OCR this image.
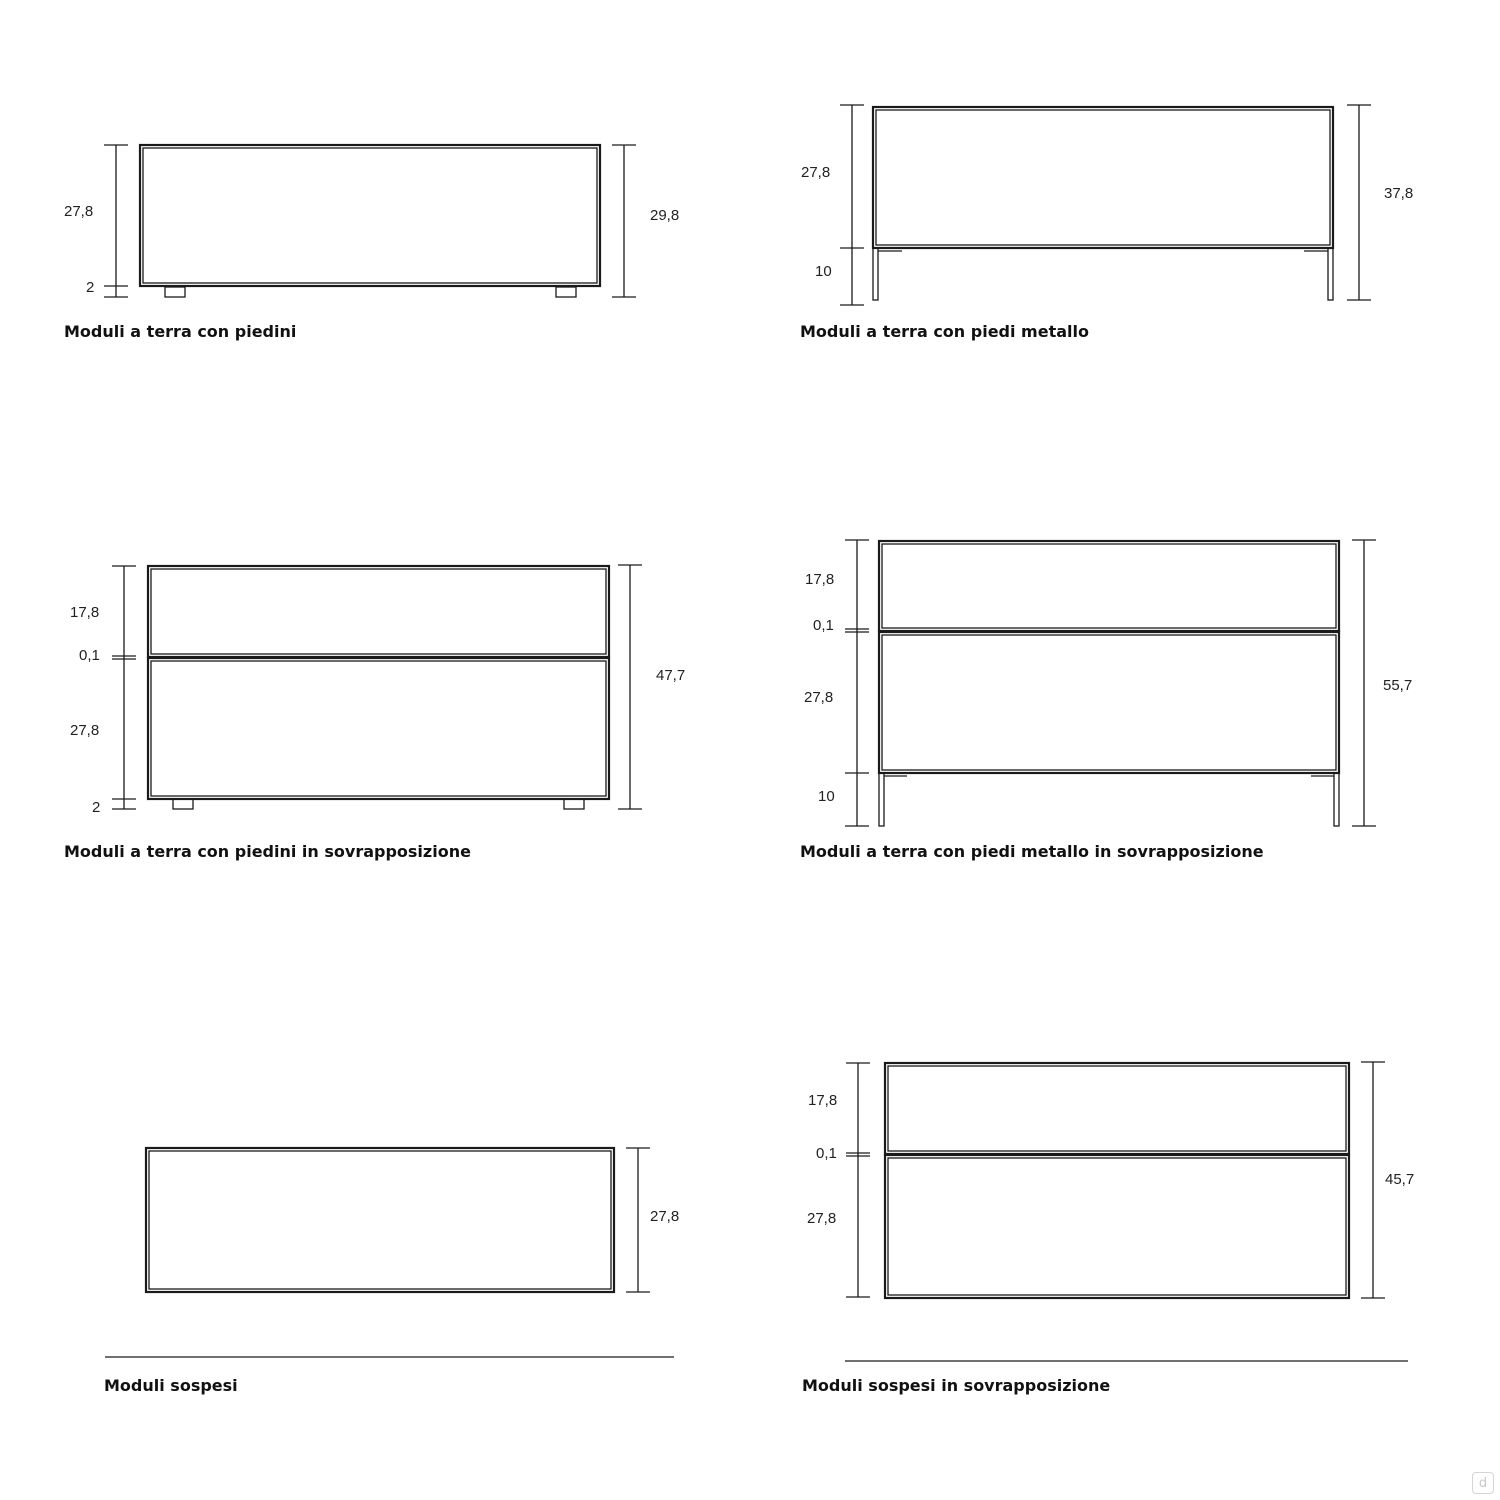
27,8
2
29,8
Moduli a terra con piedini
27,8
10
37,8
Moduli a terra con piedi metallo
17,8
0,1
27,8
2
47,7
Moduli a terra con piedini in sovrapposizione
17,8
0,1
27,8
10
55,7
Moduli a terra con piedi metallo in sovrapposizione
27,8
Moduli sospesi
17,8
0,1
27,8
45,7
Moduli sospesi in sovrapposizione
d
